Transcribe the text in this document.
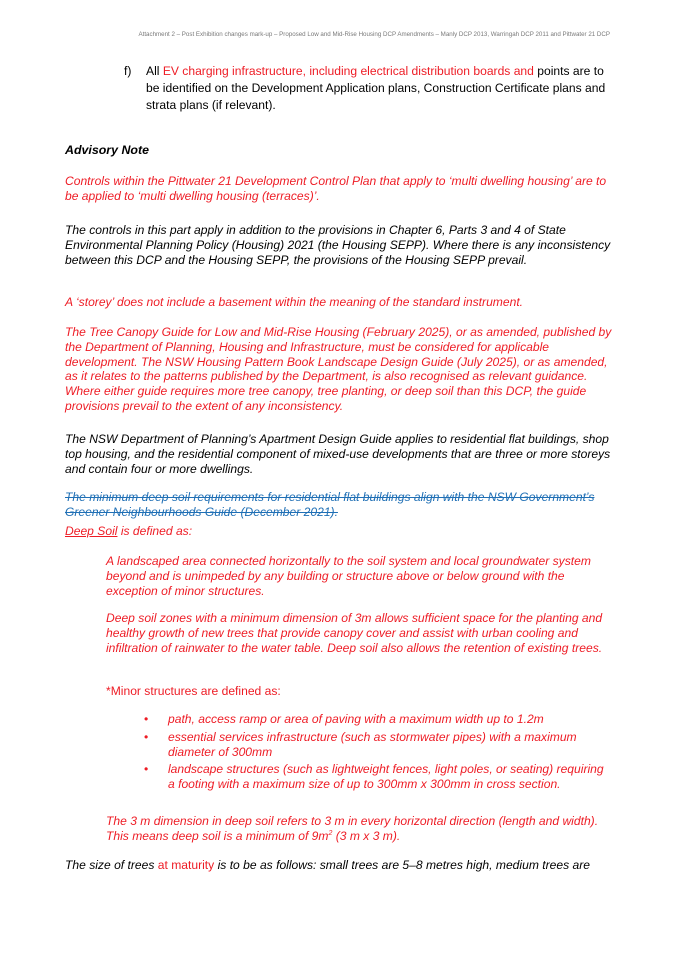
Attachment 2 – Post Exhibition changes mark-up – Proposed Low and Mid-Rise Housing DCP Amendments – Manly DCP 2013, Warringah DCP 2011 and Pittwater 21 DCP
f) All EV charging infrastructure, including electrical distribution boards and points are to be identified on the Development Application plans, Construction Certificate plans and strata plans (if relevant).
Advisory Note

Controls within the Pittwater 21 Development Control Plan that apply to ‘multi dwelling housing’ are to be applied to ‘multi dwelling housing (terraces)’.

The controls in this part apply in addition to the provisions in Chapter 6, Parts 3 and 4 of State Environmental Planning Policy (Housing) 2021 (the Housing SEPP). Where there is any inconsistency between this DCP and the Housing SEPP, the provisions of the Housing SEPP prevail.

A ‘storey’ does not include a basement within the meaning of the standard instrument.

The Tree Canopy Guide for Low and Mid-Rise Housing (February 2025), or as amended, published by the Department of Planning, Housing and Infrastructure, must be considered for applicable development. The NSW Housing Pattern Book Landscape Design Guide (July 2025), or as amended, as it relates to the patterns published by the Department, is also recognised as relevant guidance. Where either guide requires more tree canopy, tree planting, or deep soil than this DCP, the guide provisions prevail to the extent of any inconsistency.

The NSW Department of Planning’s Apartment Design Guide applies to residential flat buildings, shop top housing, and the residential component of mixed-use developments that are three or more storeys and contain four or more dwellings.

The minimum deep soil requirements for residential flat buildings align with the NSW Government’s Greener Neighbourhoods Guide (December 2021).

Deep Soil is defined as:

A landscaped area connected horizontally to the soil system and local groundwater system beyond and is unimpeded by any building or structure above or below ground with the exception of minor structures.

Deep soil zones with a minimum dimension of 3m allows sufficient space for the planting and healthy growth of new trees that provide canopy cover and assist with urban cooling and infiltration of rainwater to the water table. Deep soil also allows the retention of existing trees.

*Minor structures are defined as:

• path, access ramp or area of paving with a maximum width up to 1.2m
• essential services infrastructure (such as stormwater pipes) with a maximum diameter of 300mm
• landscape structures (such as lightweight fences, light poles, or seating) requiring a footing with a maximum size of up to 300mm x 300mm in cross section.

The 3 m dimension in deep soil refers to 3 m in every horizontal direction (length and width). This means deep soil is a minimum of $9m^2$ (3 m x 3 m).

The size of trees at maturity is to be as follows: small trees are 5–8 metres high, medium trees are
